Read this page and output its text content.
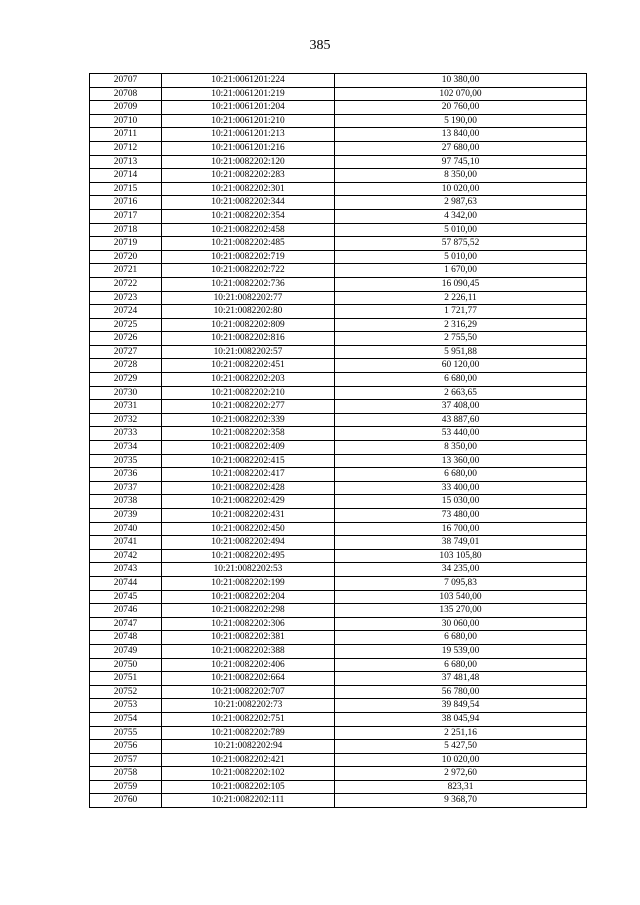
385
20707	10:21:0061201:224	10 380,00
20708	10:21:0061201:219	102 070,00
20709	10:21:0061201:204	20 760,00
20710	10:21:0061201:210	5 190,00
20711	10:21:0061201:213	13 840,00
20712	10:21:0061201:216	27 680,00
20713	10:21:0082202:120	97 745,10
20714	10:21:0082202:283	8 350,00
20715	10:21:0082202:301	10 020,00
20716	10:21:0082202:344	2 987,63
20717	10:21:0082202:354	4 342,00
20718	10:21:0082202:458	5 010,00
20719	10:21:0082202:485	57 875,52
20720	10:21:0082202:719	5 010,00
20721	10:21:0082202:722	1 670,00
20722	10:21:0082202:736	16 090,45
20723	10:21:0082202:77	2 226,11
20724	10:21:0082202:80	1 721,77
20725	10:21:0082202:809	2 316,29
20726	10:21:0082202:816	2 755,50
20727	10:21:0082202:57	5 951,88
20728	10:21:0082202:451	60 120,00
20729	10:21:0082202:203	6 680,00
20730	10:21:0082202:210	2 663,65
20731	10:21:0082202:277	37 408,00
20732	10:21:0082202:339	43 887,60
20733	10:21:0082202:358	53 440,00
20734	10:21:0082202:409	8 350,00
20735	10:21:0082202:415	13 360,00
20736	10:21:0082202:417	6 680,00
20737	10:21:0082202:428	33 400,00
20738	10:21:0082202:429	15 030,00
20739	10:21:0082202:431	73 480,00
20740	10:21:0082202:450	16 700,00
20741	10:21:0082202:494	38 749,01
20742	10:21:0082202:495	103 105,80
20743	10:21:0082202:53	34 235,00
20744	10:21:0082202:199	7 095,83
20745	10:21:0082202:204	103 540,00
20746	10:21:0082202:298	135 270,00
20747	10:21:0082202:306	30 060,00
20748	10:21:0082202:381	6 680,00
20749	10:21:0082202:388	19 539,00
20750	10:21:0082202:406	6 680,00
20751	10:21:0082202:664	37 481,48
20752	10:21:0082202:707	56 780,00
20753	10:21:0082202:73	39 849,54
20754	10:21:0082202:751	38 045,94
20755	10:21:0082202:789	2 251,16
20756	10:21:0082202:94	5 427,50
20757	10:21:0082202:421	10 020,00
20758	10:21:0082202:102	2 972,60
20759	10:21:0082202:105	823,31
20760	10:21:0082202:111	9 368,70
